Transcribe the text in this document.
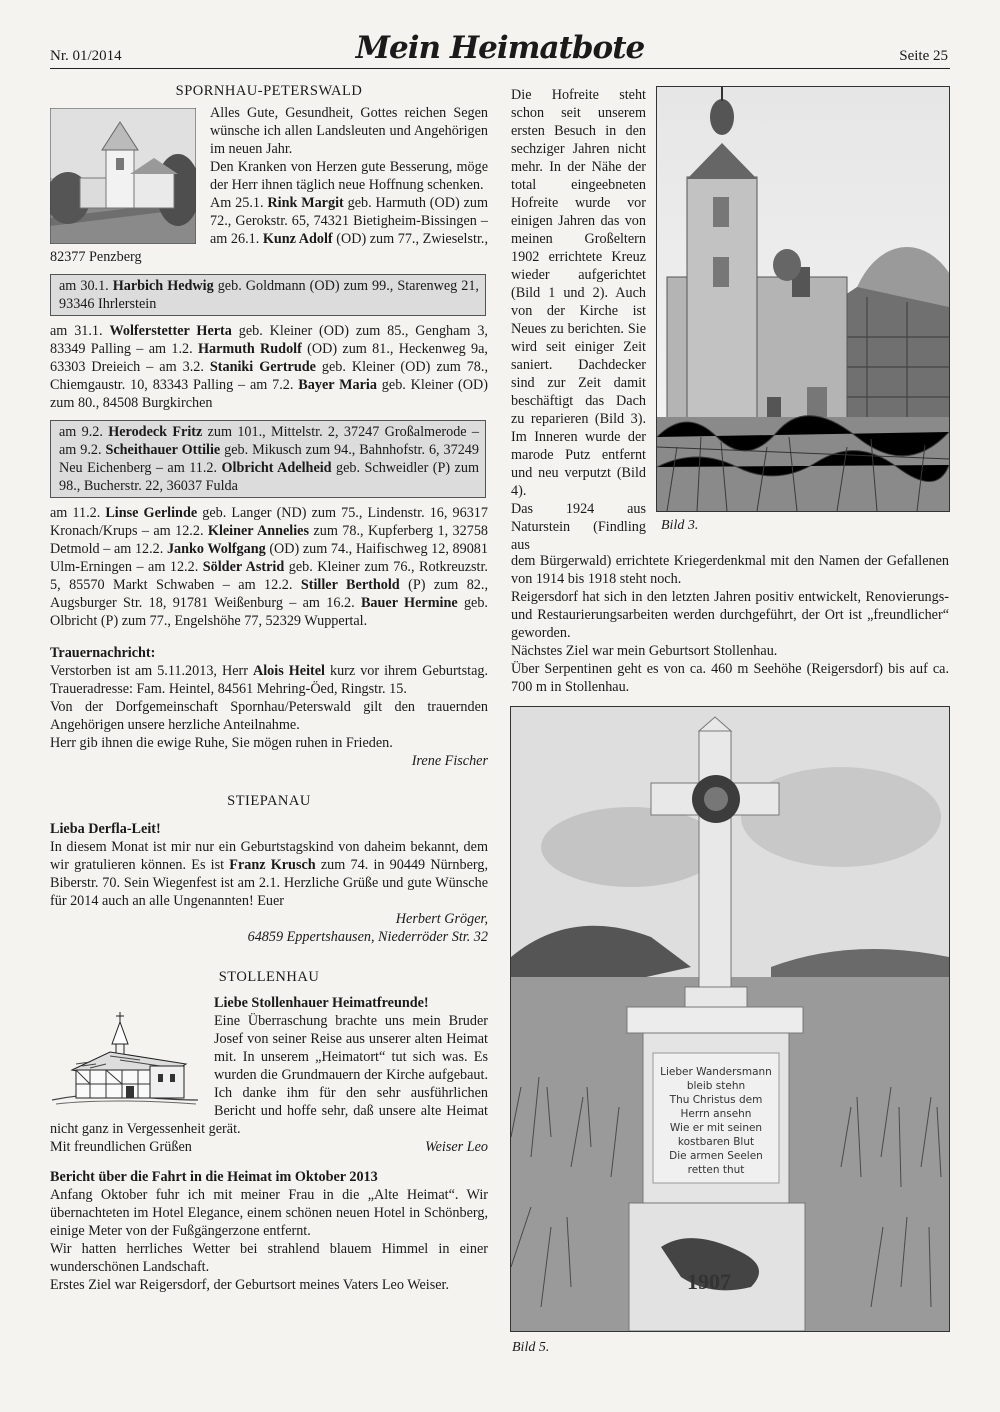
Nr. 01/2014	Mein Heimatbote	Seite 25
SPORNHAU-PETERSWALD

Alles Gute, Gesundheit, Gottes reichen Segen wünsche ich allen Landsleuten und Angehörigen im neuen Jahr.

Den Kranken von Herzen gute Besserung, möge der Herr ihnen täglich neue Hoffnung schenken.

Am 25.1. Rink Margit geb. Harmuth (OD) zum 72., Gerokstr. 65, 74321 Bietigheim-Bissingen – am 26.1. Kunz Adolf (OD) zum 77., Zwieselstr., 82377 Penzberg

am 30.1. Harbich Hedwig geb. Goldmann (OD) zum 99., Starenweg 21, 93346 Ihrlerstein

am 31.1. Wolferstetter Herta geb. Kleiner (OD) zum 85., Gengham 3, 83349 Palling – am 1.2. Harmuth Rudolf (OD) zum 81., Heckenweg 9a, 63303 Dreieich – am 3.2. Staniki Gertrude geb. Kleiner (OD) zum 78., Chiemgaustr. 10, 83343 Palling – am 7.2. Bayer Maria geb. Kleiner (OD) zum 80., 84508 Burgkirchen

am 9.2. Herodeck Fritz zum 101., Mittelstr. 2, 37247 Großalmerode – am 9.2. Scheithauer Ottilie geb. Mikusch zum 94., Bahnhofstr. 6, 37249 Neu Eichenberg – am 11.2. Olbricht Adelheid geb. Schweidler (P) zum 98., Bucherstr. 22, 36037 Fulda

am 11.2. Linse Gerlinde geb. Langer (ND) zum 75., Lindenstr. 16, 96317 Kronach/Krups – am 12.2. Kleiner Annelies zum 78., Kupferberg 1, 32758 Detmold – am 12.2. Janko Wolfgang (OD) zum 74., Haifischweg 12, 89081 Ulm-Erningen – am 12.2. Sölder Astrid geb. Kleiner zum 76., Rotkreuzstr. 5, 85570 Markt Schwaben – am 12.2. Stiller Berthold (P) zum 82., Augsburger Str. 18, 91781 Weißenburg – am 16.2. Bauer Hermine geb. Olbricht (P) zum 77., Engelshöhe 77, 52329 Wuppertal.

Trauernachricht:

Verstorben ist am 5.11.2013, Herr Alois Heitel kurz vor ihrem Geburtstag. Traueradresse: Fam. Heintel, 84561 Mehring-Öed, Ringstr. 15.

Von der Dorfgemeinschaft Spornhau/Peterswald gilt den trauernden Angehörigen unsere herzliche Anteilnahme.

Herr gib ihnen die ewige Ruhe, Sie mögen ruhen in Frieden.

Irene Fischer

STIEPANAU

Lieba Derfla-Leit!

In diesem Monat ist mir nur ein Geburtstagskind von daheim bekannt, dem wir gratulieren können. Es ist Franz Krusch zum 74. in 90449 Nürnberg, Biberstr. 70. Sein Wiegenfest ist am 2.1. Herzliche Grüße und gute Wünsche für 2014 auch an alle Ungenannten! Euer

Herbert Gröger,

64859 Eppertshausen, Niederröder Str. 32

STOLLENHAU

Liebe Stollenhauer Heimatfreunde!

Eine Überraschung brachte uns mein Bruder Josef von seiner Reise aus unserer alten Heimat mit. In unserem „Heimatort“ tut sich was. Es wurden die Grundmauern der Kirche aufgebaut. Ich danke ihm für den sehr ausführlichen Bericht und hoffe sehr, daß unsere alte Heimat nicht ganz in Vergessenheit gerät.

Mit freundlichen Grüßen	Weiser Leo

Bericht über die Fahrt in die Heimat im Oktober 2013

Anfang Oktober fuhr ich mit meiner Frau in die „Alte Heimat“. Wir übernachteten im Hotel Elegance, einem schönen neuen Hotel in Schönberg, einige Meter von der Fußgängerzone entfernt.

Wir hatten herrliches Wetter bei strahlend blauem Himmel in einer wunderschönen Landschaft.

Erstes Ziel war Reigersdorf, der Geburtsort meines Vaters Leo Weiser.

Die Hofreite steht schon seit unserem ersten Besuch in den sechziger Jahren nicht mehr. In der Nähe der total eingeebneten Hofreite wurde vor einigen Jahren das von meinen Großeltern 1902 errichtete Kreuz wieder aufgerichtet (Bild 1 und 2). Auch von der Kirche ist Neues zu berichten. Sie wird seit einiger Zeit saniert. Dachdecker sind zur Zeit damit beschäftigt das Dach zu reparieren (Bild 3). Im Inneren wurde der marode Putz entfernt und neu verputzt (Bild 4).

Das 1924 aus Naturstein (Findling aus

Bild 3.

dem Bürgerwald) errichtete Kriegerdenkmal mit den Namen der Gefallenen von 1914 bis 1918 steht noch.

Reigersdorf hat sich in den letzten Jahren positiv entwickelt, Renovierungs- und Restaurierungsarbeiten werden durchgeführt, der Ort ist „freundlicher“ geworden.

Nächstes Ziel war mein Geburtsort Stollenhau.

Über Serpentinen geht es von ca. 460 m Seehöhe (Reigersdorf) bis auf ca. 700 m in Stollenhau.

Lieber Wandersmann
bleib stehn
Thu Christus dem
Herrn ansehn
Wie er mit seinen
kostbaren Blut
Die armen Seelen
retten thut
1907
Bild 5.
